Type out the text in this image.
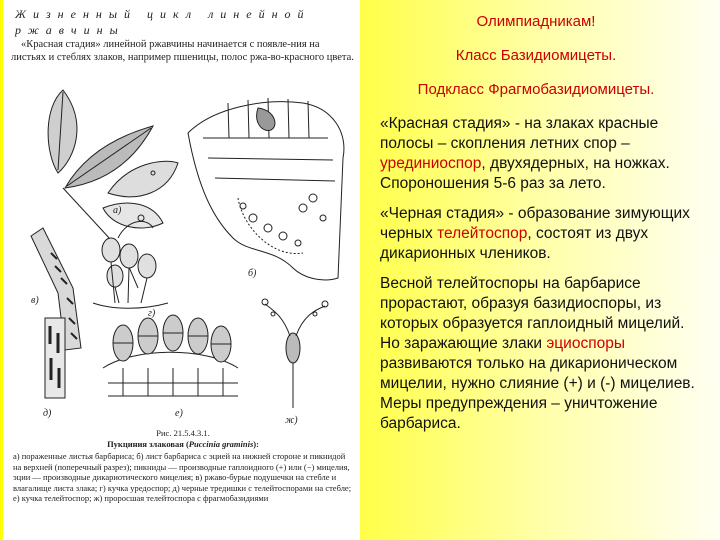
Жизненный цикл линейной ржавчины
«Красная стадия» линейной ржавчины начинается с появле-ния на листьях и стеблях злаков, например пшеницы, полос ржа-во-красного цвета.
а)
б)
в)
г)
д)	е)
ж)
Рис. 21.5.4.3.1.
Пукциния злаковая (Puccinia graminis):
а) пораженные листья барбариса; б) лист барбариса с эцией на нижней стороне и пикнидой на верхней (поперечный разрез); пикниды — производные гаплоидного (+) или (−) мицелия, эции — производные дикариотического мицелия; в) ржаво-бурые подушечки на стебле и влагалище листа злака; г) кучка уредоспор; д) черные тредишки с телейтоспорами на стебле; е) кучка телейтоспор; ж) проросшая телейтоспора с фрагмобазидиями

Олимпиадникам!

Класс Базидиомицеты.

Подкласс Фрагмобазидиомицеты.

«Красная стадия» - на злаках красные полосы – скопления летних спор – урединиоспор, двухядерных, на ножках. Спороношения 5-6 раз за лето.

«Черная стадия» - образование зимующих черных телейтоспор, состоят из двух дикарионных члеников.

Весной телейтоспоры на барбарисе прорастают, образуя базидиоспоры, из которых образуется гаплоидный мицелий. Но заражающие злаки эциоспоры развиваются только на дикарионическом мицелии, нужно слияние (+) и (-) мицелиев. Меры предупреждения – уничтожение барбариса.
